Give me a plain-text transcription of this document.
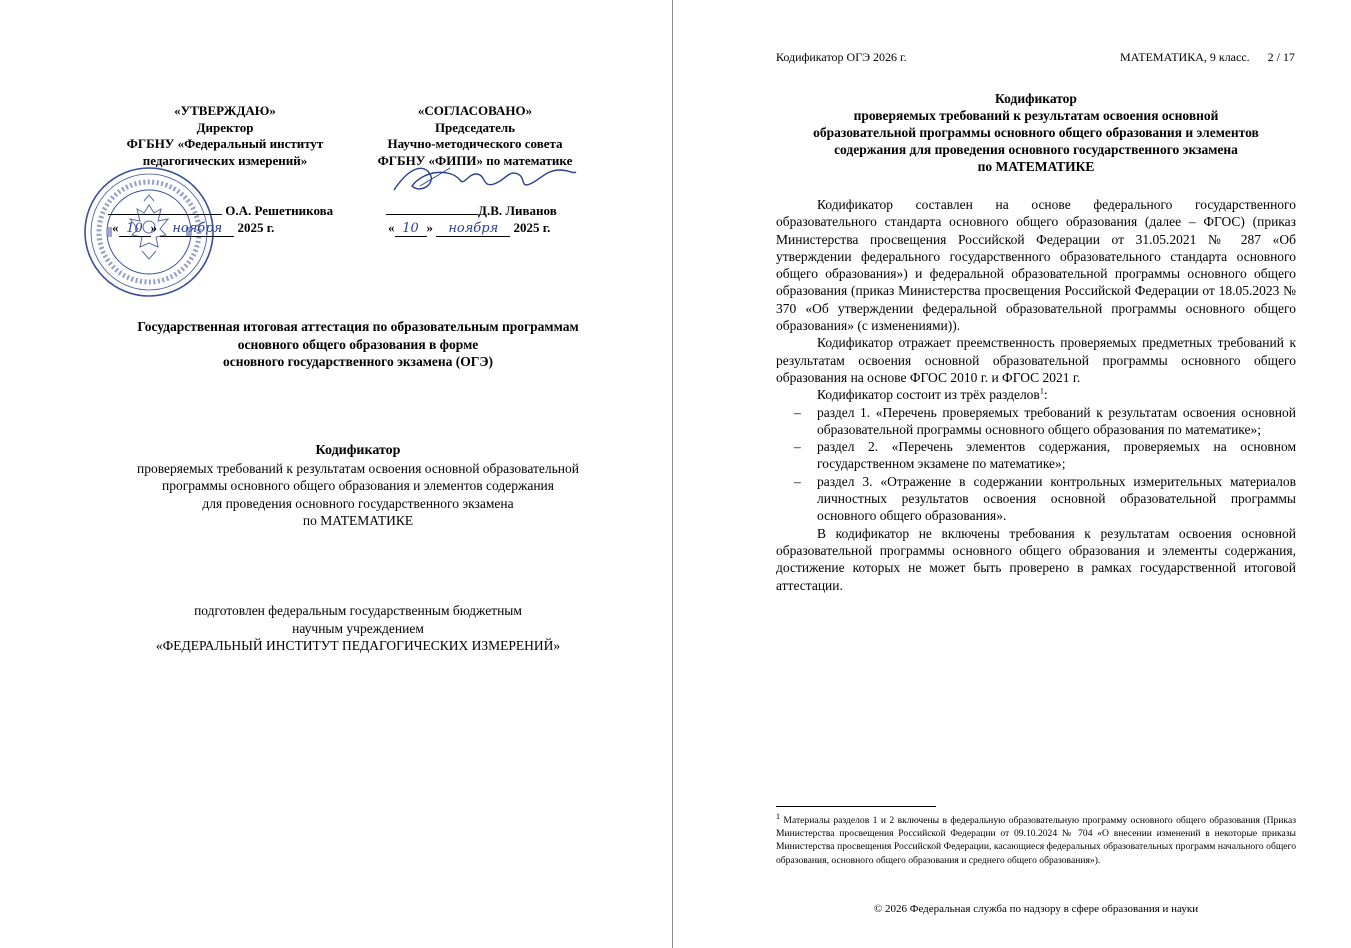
«УТВЕРЖДАЮ»
Директор
ФГБНУ «Федеральный институт
педагогических измерений»
О.А. Решетникова
« 10 » ноября 2025 г.
«СОГЛАСОВАНО»
Председатель
Научно-методического совета
ФГБНУ «ФИПИ» по математике
Д.В. Ливанов
« 10 » ноября 2025 г.
Государственная итоговая аттестация по образовательным программам
основного общего образования в форме
основного государственного экзамена (ОГЭ)
Кодификатор
проверяемых требований к результатам освоения основной образовательной
программы основного общего образования и элементов содержания
для проведения основного государственного экзамена
по МАТЕМАТИКЕ
подготовлен федеральным государственным бюджетным
научным учреждением
«ФЕДЕРАЛЬНЫЙ ИНСТИТУТ ПЕДАГОГИЧЕСКИХ ИЗМЕРЕНИЙ»
Кодификатор ОГЭ 2026 г.	МАТЕМАТИКА, 9 класс. 2 / 17
Кодификатор
проверяемых требований к результатам освоения основной
образовательной программы основного общего образования и элементов
содержания для проведения основного государственного экзамена
по МАТЕМАТИКЕ

Кодификатор составлен на основе федерального государственного образовательного стандарта основного общего образования (далее – ФГОС) (приказ Министерства просвещения Российской Федерации от 31.05.2021 № 287 «Об утверждении федерального государственного образовательного стандарта основного общего образования») и федеральной образовательной программы основного общего образования (приказ Министерства просвещения Российской Федерации от 18.05.2023 № 370 «Об утверждении федеральной образовательной программы основного общего образования» (с изменениями)).

Кодификатор отражает преемственность проверяемых предметных требований к результатам освоения основной образовательной программы основного общего образования на основе ФГОС 2010 г. и ФГОС 2021 г.

Кодификатор состоит из трёх разделов$^1$:

– раздел 1. «Перечень проверяемых требований к результатам освоения основной образовательной программы основного общего образования по математике»;
– раздел 2. «Перечень элементов содержания, проверяемых на основном государственном экзамене по математике»;
– раздел 3. «Отражение в содержании контрольных измерительных материалов личностных результатов освоения основной образовательной программы основного общего образования».

В кодификатор не включены требования к результатам освоения основной образовательной программы основного общего образования и элементы содержания, достижение которых не может быть проверено в рамках государственной итоговой аттестации.

$^1$ Материалы разделов 1 и 2 включены в федеральную образовательную программу основного общего образования (Приказ Министерства просвещения Российской Федерации от 09.10.2024 № 704 «О внесении изменений в некоторые приказы Министерства просвещения Российской Федерации, касающиеся федеральных образовательных программ начального общего образования, основного общего образования и среднего общего образования»).
© 2026 Федеральная служба по надзору в сфере образования и науки
